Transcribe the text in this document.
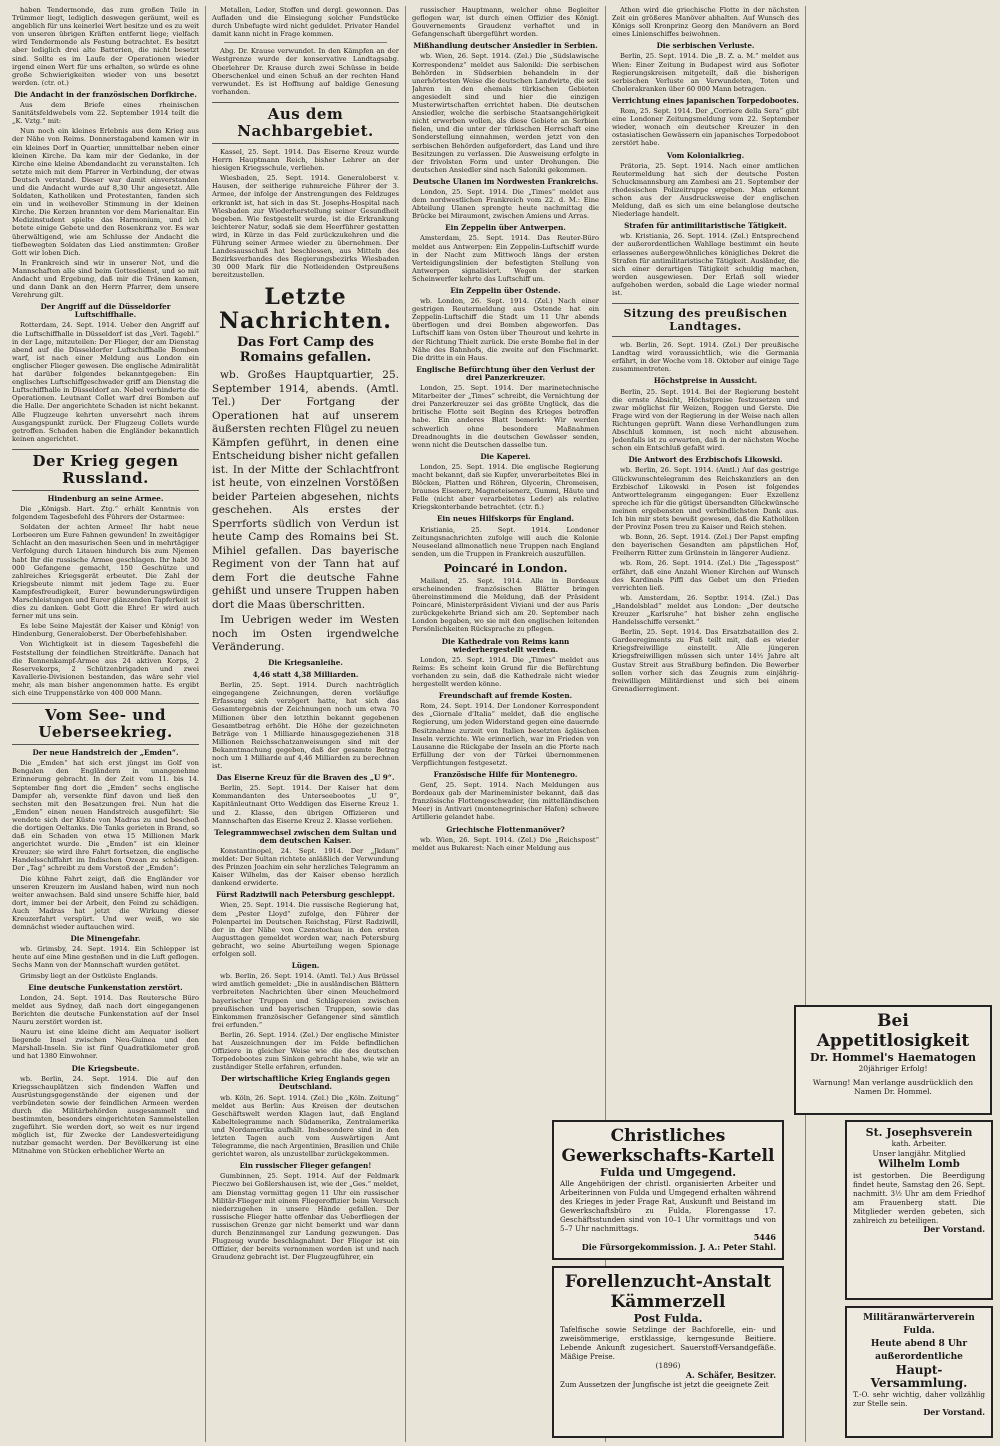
haben Tendermonde, das zum großen Teile in Trümmer liegt, lediglich deswegen geräumt, weil es angeblich für uns keinerlei Wert besitze und es zu weit von unseren übrigen Kräften entfernt liege; vielfach wird Tendermonde als Festung betrachtet. Es besitzt aber lediglich drei alte Batterien, die nicht besetzt sind. Sollte es im Laufe der Operationen wieder irgend einen Wert für uns erhalten, so würde es ohne große Schwierigkeiten wieder von uns besetzt werden. (ctr. ot.)

Die Andacht in der französischen Dorfkirche.

Aus dem Briefe eines rheinischen Sanitätsfeldwebels vom 22. September 1914 teilt die „K. Vztg.“ mit:

Nun noch ein kleines Erlebnis aus dem Krieg aus der Nähe von Reims. Donnerstagabend kamen wir in ein kleines Dorf in Quartier, unmittelbar neben einer kleinen Kirche. Da kam mir der Gedanke, in der Kirche eine kleine Abendandacht zu veranstalten. Ich setzte mich mit dem Pfarrer in Verbindung, der etwas Deutsch verstand. Dieser war damit einverstanden und die Andacht wurde auf 8,30 Uhr angesetzt. Alle Soldaten, Katholiken und Protestanten, fanden sich ein und in weihevoller Stimmung in der kleinen Kirche. Die Kerzen brannten vor dem Marienaltar. Ein Medizinstudent spielte das Harmonium, und ich betete einige Gebete und den Rosenkranz vor. Es war überwältigend, wie am Schlusse der Andacht die tiefbewegten Soldaten das Lied anstimmten: Großer Gott wir loben Dich.

In Frankreich sind wir in unserer Not, und die Mannschaften alle sind beim Gottesdienst, und so mit Andacht und Ergebung, daß mir die Tränen kamen, und dann Dank an den Herrn Pfarrer, dem unsere Verehrung gilt.

Der Angriff auf die Düsseldorfer Luftschiffhalle.

Rotterdam, 24. Sept. 1914. Ueber den Angriff auf die Luftschiffhalle in Düsseldorf ist das „Verl. Tagebl.“ in der Lage, mitzuteilen: Der Flieger, der am Dienstag abend auf die Düsseldorfer Luftschiffhalle Bomben warf, ist nach einer Meldung aus London ein englischer Flieger gewesen. Die englische Admiralität hat darüber folgendes bekanntgegeben: Ein englisches Luftschiffgeschwader griff am Dienstag die Luftschiffhalle in Düsseldorf an. Nebel verhinderte die Operationen. Leutnant Collet warf drei Bomben auf die Halle. Der angerichtete Schaden ist nicht bekannt. Alle Flugzeuge kehrten unversehrt nach ihrem Ausgangspunkt zurück. Der Flugzeug Collets wurde getroffen. Schaden haben die Engländer bekanntlich keinen angerichtet.

Der Krieg gegen Russland.
Hindenburg an seine Armee.

Die „Königsb. Hart. Ztg.“ erhält Kenntnis von folgendem Tagesbefehl des Führers der Ostarmee:

Soldaten der achten Armee! Ihr habt neue Lorbeeren um Eure Fahnen gewunden! In zweitägiger Schlacht an den masurischen Seen und in mehrtägiger Verfolgung durch Litauen hindurch bis zum Njemen habt Ihr die russische Armee geschlagen. Ihr habt 30 000 Gefangene gemacht, 150 Geschütze und zahlreiches Kriegsgerät erbeutet. Die Zahl der Kriegsbeute nimmt mit jedem Tage zu. Euer Kampfesfreudigkeit, Eurer bewunderungswürdigen Marschleistungen und Eurer glänzenden Tapferkeit ist dies zu danken. Gebt Gott die Ehre! Er wird auch ferner mit uns sein.

Es lebe Seine Majestät der Kaiser und König! von Hindenburg, Generaloberst. Der Oberbefehlshaber.

Von Wichtigkeit ist in diesem Tagesbefehl die Feststellung der feindlichen Streitkräfte. Danach hat die Rennenkampf-Armee aus 24 aktiven Korps, 2 Reservekorps, 2 Schützenbrigaden und zwei Kavallerie-Divisionen bestanden, das wäre sehr viel mehr, als man bisher angenommen hatte. Es ergibt sich eine Truppenstärke von 400 000 Mann.

Vom See- und Ueberseekrieg.
Der neue Handstreich der „Emden“.

Die „Emden“ hat sich erst jüngst im Golf von Bengalen den Engländern in unangenehme Erinnerung gebracht. In der Zeit vom 11. bis 14. September fing dort die „Emden“ sechs englische Dampfer ab, versenkte fünf davon und ließ den sechsten mit den Besatzungen frei. Nun hat die „Emden“ einen neuen Handstreich ausgeführt: Sie wendete sich der Küste von Madras zu und beschoß die dortigen Oeltanks. Die Tanks gerieten in Brand, so daß ein Schaden von etwa 15 Millionen Mark angerichtet wurde. Die „Emden“ ist ein kleiner Kreuzer; sie wird ihre Fahrt fortsetzen, die englische Handelsschiffahrt im Indischen Ozean zu schädigen. Der „Tag“ schreibt zu dem Vorstoß der „Emden“:

Die kühne Fahrt zeigt, daß die Engländer vor unseren Kreuzern im Ausland haben, wird nun noch weiter anwachsen. Bald sind unsere Schiffe hier, bald dort, immer bei der Arbeit, den Feind zu schädigen. Auch Madras hat jetzt die Wirkung dieser Kreuzerfahrt verspürt. Und wer weiß, wo sie demnächst wieder auftauchen wird.

Die Minengefahr.

wb. Grimsby, 24. Sept. 1914. Ein Schlepper ist heute auf eine Mine gestoßen und in die Luft geflogen. Sechs Mann von der Mannschaft wurden getötet.

Grimsby liegt an der Ostküste Englands.

Eine deutsche Funkenstation zerstört.

London, 24. Sept. 1914. Das Reutersche Büro meldet aus Sydney, daß nach dort eingegangenen Berichten die deutsche Funkenstation auf der Insel Nauru zerstört worden ist.

Nauru ist eine kleine dicht am Aequator isoliert liegende Insel zwischen Neu-Guinea und den Marshall-Inseln. Sie ist fünf Quadratkilometer groß und hat 1380 Einwohner.

Die Kriegsbeute.

wb. Berlin, 24. Sept. 1914. Die auf den Kriegsschauplätzen sich findenden Waffen und Ausrüstungsgegenstände der eigenen und der verbündeten sowie der feindlichen Armeen werden durch die Militärbehörden ausgesammelt und bestimmten, besonders eingerichteten Sammelstellen zugeführt. Sie werden dort, so weit es nur irgend möglich ist, für Zwecke der Landesverteidigung nutzbar gemacht werden. Der Bevölkerung ist eine Mitnahme von Stücken erheblicher Werte an

Metallen, Leder, Stoffen und dergl. gewonnen. Das Aufladen und die Einsiegung solcher Fundstücke durch Unbefugte wird nicht geduldet. Privater Handel damit kann nicht in Frage kommen.

Abg. Dr. Krause verwundet. In den Kämpfen an der Westgrenze wurde der konservative Landtagsabg. Oberlehrer Dr. Krause durch zwei Schüsse in beide Oberschenkel und einen Schuß an der rechten Hand verwundet. Es ist Hoffnung auf baldige Genesung vorhanden.

Aus dem Nachbargebiet.

Kassel, 25. Sept. 1914. Das Eiserne Kreuz wurde Herrn Hauptmann Reich, bisher Lehrer an der hiesigen Kriegsschule, verliehen.

Wiesbaden, 25. Sept. 1914. Generaloberst v. Hausen, der seitherige ruhmreiche Führer der 3. Armee, der infolge der Anstrengungen des Feldzuges erkrankt ist, hat sich in das St. Josephs-Hospital nach Wiesbaden zur Wiederherstellung seiner Gesundheit begeben. Wie festgestellt wurde, ist die Erkrankung leichterer Natur, sodaß sie dem Heerführer gestatten wird, in Kürze in das Feld zurückzukehren und die Führung seiner Armee wieder zu übernehmen. Der Landesausschuß hat beschlossen, aus Mitteln des Bezirksverbandes des Regierungsbezirks Wiesbaden 30 000 Mark für die Notleidenden Ostpreußens bereitzustellen.

Letzte Nachrichten.
Das Fort Camp des Romains gefallen.

wb. Großes Hauptquartier, 25. September 1914, abends. (Amtl. Tel.) Der Fortgang der Operationen hat auf unserem äußersten rechten Flügel zu neuen Kämpfen geführt, in denen eine Entscheidung bisher nicht gefallen ist. In der Mitte der Schlachtfront ist heute, von einzelnen Vorstößen beider Parteien abgesehen, nichts geschehen. Als erstes der Sperrforts südlich von Verdun ist heute Camp des Romains bei St. Mihiel gefallen. Das bayerische Regiment von der Tann hat auf dem Fort die deutsche Fahne gehißt und unsere Truppen haben dort die Maas überschritten.

Im Uebrigen weder im Westen noch im Osten irgendwelche Veränderung.

Die Kriegsanleihe.
4,46 statt 4,38 Milliarden.

Berlin, 25. Sept. 1914. Durch nachträglich eingegangene Zeichnungen, deren vorläufige Erfassung sich verzögert hatte, hat sich das Gesamtergebnis der Zeichnungen noch um etwa 70 Millionen über den letzthin bekannt gegebenen Gesamtbetrag erhöht. Die Höhe der gezeichneten Beträge von 1 Milliarde hinausgegeziehenen 318 Millionen Reichsschatzanweisungen sind mit der Bekanntmachung gegeben, daß der gesamte Betrag noch um 1 Milliarde auf 4,46 Milliarden zu berechnen ist.

Das Eiserne Kreuz für die Braven des „U 9“.

Berlin, 25. Sept. 1914. Der Kaiser hat dem Kommandanten des Unterseebootes „U 9“, Kapitänleutnant Otto Weddigen das Eiserne Kreuz 1. und 2. Klasse, den übrigen Offizieren und Mannschaften das Eiserne Kreuz 2. Klasse verliehen.

Telegrammwechsel zwischen dem Sultan und dem deutschen Kaiser.

Konstantinopel, 24. Sept. 1914. Der „Jkdam“ meldet: Der Sultan richtete anläßlich der Verwundung des Prinzen Joachim ein sehr herzliches Telegramm an Kaiser Wilhelm, das der Kaiser ebenso herzlich dankend erwiderte.

Fürst Radziwill nach Petersburg geschleppt.

Wien, 25. Sept. 1914. Die russische Regierung hat, dem „Pester Lloyd“ zufolge, den Führer der Polenpartei im Deutschen Reichstag, Fürst Radziwill, der in der Nähe von Czenstochau in den ersten Augusttagen gemeldet worden war, nach Petersburg gebracht, wo seine Aburteilung wegen Spionage erfolgen soll.

Lügen.

wb. Berlin, 26. Sept. 1914. (Amtl. Tel.) Aus Brüssel wird amtlich gemeldet: „Die in ausländischen Blättern verbreiteten Nachrichten über einen Meuchelmord bayerischer Truppen und Schlägereien zwischen preußischen und bayerischen Truppen, sowie das Einkommen französischer Gefangener sind sämtlich frei erfunden.“

Berlin, 26. Sept. 1914. (Zel.) Der englische Minister hat Auszeichnungen der im Felde befindlichen Offiziere in gleicher Weise wie die des deutschen Torpedobootes zum Sinken gebracht habe, wie wir an zuständiger Stelle erfahren, erfunden.

Der wirtschaftliche Krieg Englands gegen Deutschland.

wb. Köln, 26. Sept. 1914. (Zel.) Die „Köln. Zeitung“ meldet aus Berlin: Aus Kreisen der deutschen Geschäftswelt werden Klagen laut, daß England Kabeltelegramme nach Südamerika, Zentralamerika und Nordamerika aufhält. Insbesondere sind in den letzten Tagen auch vom Auswärtigen Amt Telegramme, die nach Argentinien, Brasilien und Chile gerichtet waren, als unzustellbar zurückgekommen.

Ein russischer Flieger gefangen!

Gumbinnen, 25. Sept. 1914. Auf der Feldmark Pieczwo bei Goßlershausen ist, wie der „Ges.“ meldet, am Dienstag vormittag gegen 11 Uhr ein russischer Militär-Flieger mit einem Fliegeroffizier beim Versuch niederzugehen in unsere Hände gefallen. Der russische Flieger hatte offenbar das Ueberfliegen der russischen Grenze gar nicht bemerkt und war dann durch Benzinmangel zur Landung gezwungen. Das Flugzeug wurde beschlagnahmt. Der Flieger ist ein Offizier, der bereits vernommen worden ist und nach Graudenz gebracht ist. Der Flugzeugführer, ein

russischer Hauptmann, welcher ohne Begleiter geflogen war, ist durch einen Offizier des Königl. Gouvernements Graudenz verhaftet und in Gefangenschaft übergeführt worden.

Mißhandlung deutscher Ansiedler in Serbien.

wb. Wien, 26. Sept. 1914. (Zel.) Die „Südslawische Korrespondenz“ meldet aus Saloniki: Die serbischen Behörden in Südserbien behandeln in der unerhörtesten Weise die deutschen Landwirte, die seit Jahren in den ehemals türkischen Gebieten angesiedelt sind und hier die einzigen Musterwirtschaften errichtet haben. Die deutschen Ansiedler, welche die serbische Staatsangehörigkeit nicht erwerben wollen, als diese Gebiete an Serbien fielen, und die unter der türkischen Herrschaft eine Sonderstellung einnahmen, werden jetzt von den serbischen Behörden aufgefordert, das Land und ihre Besitzungen zu verlassen. Die Ausweisung erfolgte in der frivolsten Form und unter Drohungen. Die deutschen Ansiedler sind nach Saloniki gekommen.

Deutsche Ulanen im Nordwesten Frankreichs.

London, 25. Sept. 1914. Die „Times“ meldet aus dem nordwestlichen Frankreich vom 22. d. M.: Eine Abteilung Ulanen sprengte heute nachmittag die Brücke bei Miraumont, zwischen Amiens und Arras.

Ein Zeppelin über Antwerpen.

Amsterdam, 25. Sept. 1914. Das Reuter-Büro meldet aus Antwerpen: Ein Zeppelin-Luftschiff wurde in der Nacht zum Mittwoch längs der ersten Verteidigungslinien der befestigten Stellung von Antwerpen signalisiert. Wegen der starken Scheinwerfer kehrte das Luftschiff um.

Ein Zeppelin über Ostende.

wb. London, 26. Sept. 1914. (Zel.) Nach einer gestrigen Reutermeldung aus Ostende hat ein Zeppelin-Luftschiff die Stadt um 11 Uhr abends überflogen und drei Bomben abgeworfen. Das Luftschiff kam von Osten über Thourout und kehrte in der Richtung Thielt zurück. Die erste Bombe fiel in der Nähe des Bahnhofs, die zweite auf den Fischmarkt. Die dritte in ein Haus.

Englische Befürchtung über den Verlust der drei Panzerkreuzer.

London, 25. Sept. 1914. Der marinetechnische Mitarbeiter der „Times“ schreibt, die Vernichtung der drei Panzerkreuzer sei das größte Unglück, das die britische Flotte seit Beginn des Krieges betroffen habe. Ein anderes Blatt bemerkt: Wir werden schwerlich ohne besondere Maßnahmen Dreadnoughts in die deutschen Gewässer senden, wenn nicht die Deutschen dasselbe tun.

Die Kaperei.

London, 25. Sept. 1914. Die englische Regierung macht bekannt, daß sie Kupfer, unverarbeitetes Blei in Blöcken, Platten und Röhren, Glycerin, Chromeisen, braunes Eisenerz, Magneteisenerz, Gummi, Häute und Felle (nicht aber verarbeitetes Leder) als relative Kriegskonterbande betrachtet. (ctr. fi.)

Ein neues Hilfskorps für England.

Kristiania, 25. Sept. 1914. Londoner Zeitungsnachrichten zufolge will auch die Kolonie Neuseeland allmonatlich neue Truppen nach England senden, um die Truppen in Frankreich auszufüllen.

Poincaré in London.

Mailand, 25. Sept. 1914. Alle in Bordeaux erscheinenden französischen Blätter bringen übereinstimmend die Meldung, daß der Präsident Poincaré, Ministerpräsident Viviani und der aus Paris zurückgekehrte Briand sich am 20. September nach London begaben, wo sie mit den englischen leitenden Persönlichkeiten Rücksprache zu pflegen.

Die Kathedrale von Reims kann wiederhergestellt werden.

London, 25. Sept. 1914. Die „Times“ meldet aus Reims: Es scheint kein Grund für die Befürchtung vorhanden zu sein, daß die Kathedrale nicht wieder hergestellt werden könne.

Freundschaft auf fremde Kosten.

Rom, 24. Sept. 1914. Der Londoner Korrespondent des „Giornale d'Italia“ meldet, daß die englische Regierung, um jeden Widerstand gegen eine dauernde Besitznahme zurzeit von Italien besetzten ägäischen Inseln verzichte. Wie erinnerlich, war im Frieden von Lausanne die Rückgabe der Inseln an die Pforte nach Erfüllung der von der Türkei übernommenen Verpflichtungen festgesetzt.

Französische Hilfe für Montenegro.

Genf, 25. Sept. 1914. Nach Meldungen aus Bordeaux gab der Marineminister bekannt, daß das französische Flottengeschwader, (im mittelländischen Meer) in Antivari (montenegrinischer Hafen) schwere Artillerie gelandet habe.

Griechische Flottenmanöver?

wb. Wien, 26. Sept. 1914. (Zel.) Die „Reichspost“ meldet aus Bukarest: Nach einer Meldung aus

Athen wird die griechische Flotte in der nächsten Zeit ein größeres Manöver abhalten. Auf Wunsch des Königs soll Kronprinz Georg den Manövern an Bord eines Linienschiffes beiwohnen.

Die serbischen Verluste.

Berlin, 25. Sept. 1914. Die „B. Z. a. M.“ meldet aus Wien: Einer Zeitung in Budapest wird aus Sofioter Regierungskreisen mitgeteilt, daß die bisherigen serbischen Verluste an Verwundeten, Toten und Cholerakranken über 60 000 Mann betragen.

Verrichtung eines japanischen Torpedobootes.

Rom, 25. Sept. 1914. Der „Corriere della Sera“ gibt eine Londoner Zeitungsmeldung vom 22. September wieder, wonach ein deutscher Kreuzer in den ostasiatischen Gewässern ein japanisches Torpedoboot zerstört habe.

Vom Kolonialkrieg.

Prätoria, 25. Sept. 1914. Nach einer amtlichen Reutermeldung hat sich der deutsche Posten Schuckmannsburg am Zambesi am 21. September der rhodesischen Polizeitruppe ergeben. Man erkennt schon aus der Ausdrucksweise der englischen Meldung, daß es sich um eine belanglose deutsche Niederlage handelt.

Strafen für antimilitaristische Tätigkeit.

wb. Kristiania, 26. Sept. 1914. (Zel.) Entsprechend der außerordentlichen Wahllage bestimmt ein heute erlassenes außergewöhnliches königliches Dekret die Strafen für antimilitaristische Tätigkeit. Ausländer, die sich einer derartigen Tätigkeit schuldig machen, werden ausgewiesen. Der Erlaß soll wieder aufgehoben werden, sobald die Lage wieder normal ist.

Sitzung des preußischen Landtages.

wb. Berlin, 26. Sept. 1914. (Zel.) Der preußische Landtag wird voraussichtlich, wie die Germania erfährt, in der Woche vom 18. Oktober auf einige Tage zusammentreten.

Höchstpreise in Aussicht.

Berlin, 25. Sept. 1914. Bei der Regierung besteht die ernste Absicht, Höchstpreise festzusetzen und zwar möglichst für Weizen, Roggen und Gerste. Die Frage wird von der Regierung in der Weise nach allen Richtungen geprüft. Wann diese Verhandlungen zum Abschluß kommen, ist noch nicht abzusehen. Jedenfalls ist zu erwarten, daß in der nächsten Woche schon ein Entschluß gefaßt wird.

Die Antwort des Erzbischofs Likowski.

wb. Berlin, 26. Sept. 1914. (Amtl.) Auf das gestrige Glückwunschtelegramm des Reichskanzlers an den Erzbischof Likowski in Posen ist folgendes Antworttelegramm eingegangen: Euer Exzellenz spreche ich für die gütigst übersandten Glückwünsche meinen ergebensten und verbindlichsten Dank aus. Ich bin mir stets bewußt gewesen, daß die Katholiken der Provinz Posen treu zu Kaiser und Reich stehen.

wb. Bonn, 26. Sept. 1914. (Zel.) Der Papst empfing den bayerischen Gesandten am päpstlichen Hof, Freiherrn Ritter zum Grünstein in längerer Audienz.

wb. Rom, 26. Sept. 1914. (Zel.) Die „Tagesspost“ erfährt, daß eine Anzahl Wiener Kirchen auf Wunsch des Kardinals Piffl das Gebet um den Frieden verrichten ließ.

wb. Amsterdam, 26. Septbr. 1914. (Zel.) Das „Handelsblad“ meldet aus London: „Der deutsche Kreuzer „Karlsruhe“ hat bisher zehn englische Handelsschiffe versenkt.“

Berlin, 25. Sept. 1914. Das Ersatzbataillon des 2. Gardeeregiments zu Fuß teilt mit, daß es wieder Kriegsfreiwillige einstellt. Alle jüngeren Kriegsfreiwilligen müssen sich unter 14½ Jahre alt Gustav Streit aus Straßburg befinden. Die Bewerber sollen vorher sich das Zeugnis zum einjährig-freiwilligen Militärdienst und sich bei einem Grenadierregiment.

Bei Appetitlosigkeit
Dr. Hommel's Haematogen
20jähriger Erfolg!
Warnung! Man verlange ausdrücklich den Namen Dr. Hommel.
Christliches Gewerkschafts-Kartell
Fulda und Umgegend.
Alle Angehörigen der christl. organisierten Arbeiter und Arbeiterinnen von Fulda und Umgegend erhalten während des Krieges in jeder Frage Rat, Auskunft und Beistand im Gewerkschaftsbüro zu Fulda, Florengasse 17. Geschäftsstunden sind von 10–1 Uhr vormittags und von 5–7 Uhr nachmittags.
5446
Die Fürsorgekommission. J. A.: Peter Stahl.
Forellenzucht-Anstalt Kämmerzell
Post Fulda.
Tafelfische sowie Setzlinge der Bachforelle, ein- und zweisömmerige, erstklassige, kerngesunde Beitiere. Lebende Ankunft zugesichert. Sauerstoff-Versandgefäße. Mäßige Preise.
(1896)
A. Schäfer, Besitzer.
Zum Aussetzen der Jungfische ist jetzt die geeignete Zeit
St. Josephsverein
kath. Arbeiter.
Unser langjähr. Mitglied
Wilhelm Lomb
ist gestorben. Die Beerdigung findet heute, Samstag den 26. Sept. nachmitt. 3½ Uhr am dem Friedhof am Frauenberg statt. Die Mitglieder werden gebeten, sich zahlreich zu beteiligen.
Der Vorstand.
Militäranwärterverein Fulda.
Heute abend 8 Uhr
außerordentliche
Haupt-Versammlung.
T.-O. sehr wichtig, daher vollzählig zur Stelle sein.
Der Vorstand.
